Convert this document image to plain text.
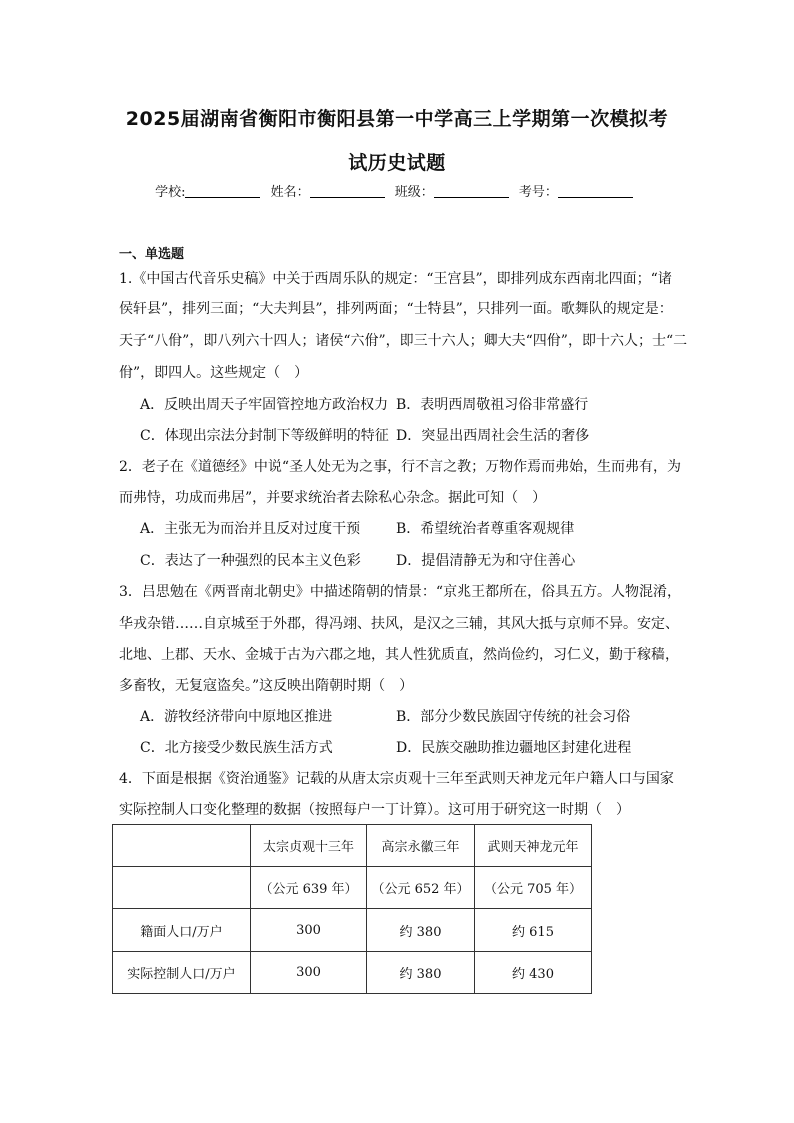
2025届湖南省衡阳市衡阳县第一中学高三上学期第一次模拟考
试历史试题
学校:	姓名：	班级：	考号：
一、单选题
1.《中国古代音乐史稿》中关于西周乐队的规定：“王宫县”，即排列成东西南北四面；“诸
侯轩县”，排列三面；“大夫判县”，排列两面；“士特县”，只排列一面。歌舞队的规定是：
天子“八佾”，即八列六十四人；诸侯“六佾”，即三十六人；卿大夫“四佾”，即十六人；士“二
佾”，即四人。这些规定（　）
A．反映出周天子牢固管控地方政治权力 B．表明西周敬祖习俗非常盛行
C．体现出宗法分封制下等级鲜明的特征 D．突显出西周社会生活的奢侈
2．老子在《道德经》中说“圣人处无为之事，行不言之教；万物作焉而弗始，生而弗有，为
而弗恃，功成而弗居”，并要求统治者去除私心杂念。据此可知（　）
A．主张无为而治并且反对过度干预	B．希望统治者尊重客观规律
C．表达了一种强烈的民本主义色彩	D．提倡清静无为和守住善心
3．吕思勉在《两晋南北朝史》中描述隋朝的情景：“京兆王都所在，俗具五方。人物混淆，
华戎杂错……自京城至于外郡，得冯翊、扶风，是汉之三辅，其风大抵与京师不异。安定、
北地、上郡、天水、金城于古为六郡之地，其人性犹质直，然尚俭约，习仁义，勤于稼穑，
多畜牧，无复寇盗矣。”这反映出隋朝时期（　）
A．游牧经济带向中原地区推进	B．部分少数民族固守传统的社会习俗
C．北方接受少数民族生活方式	D．民族交融助推边疆地区封建化进程
4．下面是根据《资治通鉴》记载的从唐太宗贞观十三年至武则天神龙元年户籍人口与国家
实际控制人口变化整理的数据（按照每户一丁计算）。这可用于研究这一时期（　）
	太宗贞观十三年	高宗永徽三年	武则天神龙元年
	（公元 639 年）	（公元 652 年）	（公元 705 年）
籍面人口/万户	300	约 380	约 615
实际控制人口/万户	300	约 380	约 430
